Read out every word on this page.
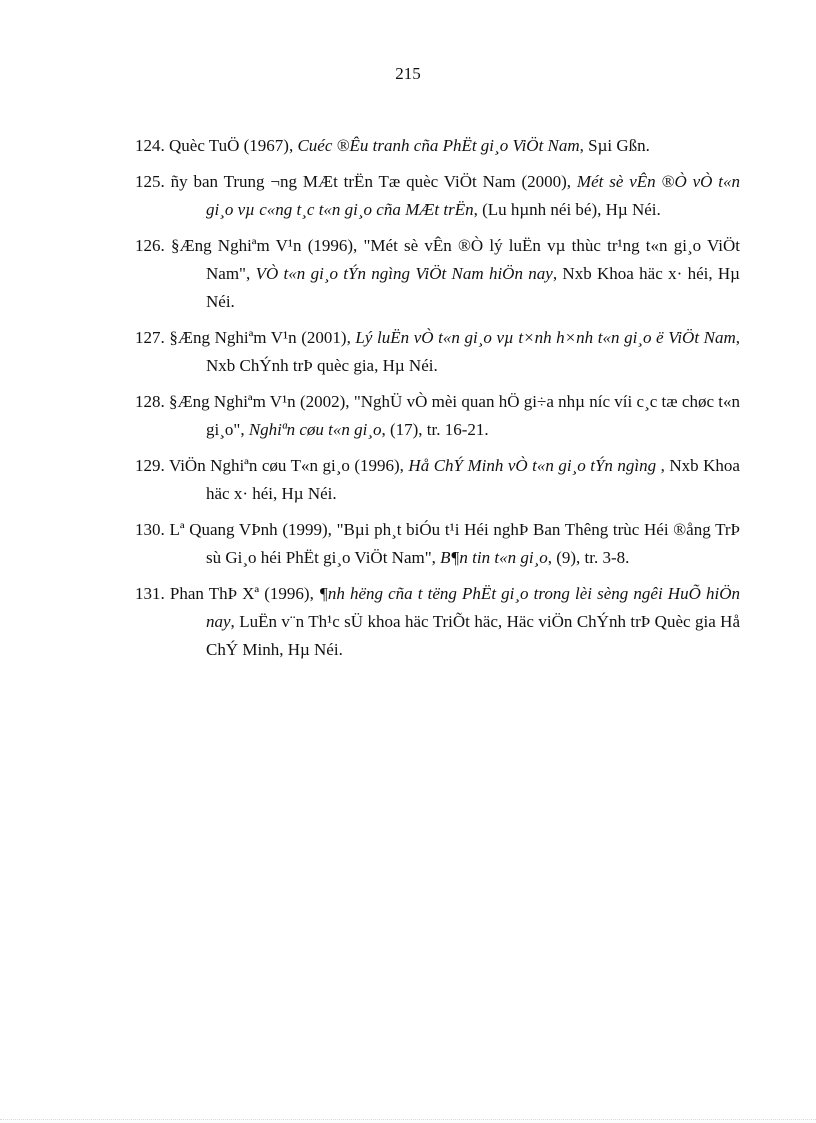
215
124. Quèc TuÖ (1967), Cuéc ®Êu tranh cña PhËt gi¸o ViÖt Nam, Sµi Gßn.
125. ñy ban Trung ¬ng MÆt trËn Tæ quèc ViÖt Nam (2000), Mét sè vÊn ®Ò vÒ t«n gi¸o vµ c«ng t¸c t«n gi¸o cña MÆt trËn, (Lu hµnh néi bé), Hµ Néi.
126. §Æng Nghiªm V¹n (1996), "Mét sè vÊn ®Ò lý luËn vµ thùc tr¹ng t«n gi¸o ViÖt Nam", VÒ t«n gi¸o tÝn ngìng ViÖt Nam hiÖn nay, Nxb Khoa häc x· héi, Hµ Néi.
127. §Æng Nghiªm V¹n (2001), Lý luËn vÒ t«n gi¸o vµ t×nh h×nh t«n gi¸o ë ViÖt Nam, Nxb ChÝnh trÞ quèc gia, Hµ Néi.
128. §Æng Nghiªm V¹n (2002), "NghÜ vÒ mèi quan hÖ gi÷a nhµ níc víi c¸c tæ chøc t«n gi¸o", Nghiªn cøu t«n gi¸o, (17), tr. 16-21.
129. ViÖn Nghiªn cøu T«n gi¸o (1996), Hå ChÝ Minh vÒ t«n gi¸o tÝn ngìng , Nxb Khoa häc x· héi, Hµ Néi.
130. Lª Quang VÞnh (1999), "Bµi ph¸t biÓu t¹i Héi nghÞ Ban Thêng trùc Héi ®ång TrÞ sù Gi¸o héi PhËt gi¸o ViÖt Nam", B¶n tin t«n gi¸o, (9), tr. 3-8.
131. Phan ThÞ Xª (1996), ¶nh hëng cña t tëng PhËt gi¸o trong lèi sèng ngêi HuÕ hiÖn nay, LuËn v¨n Th¹c sÜ khoa häc TriÕt häc, Häc viÖn ChÝnh trÞ Quèc gia Hå ChÝ Minh, Hµ Néi.
